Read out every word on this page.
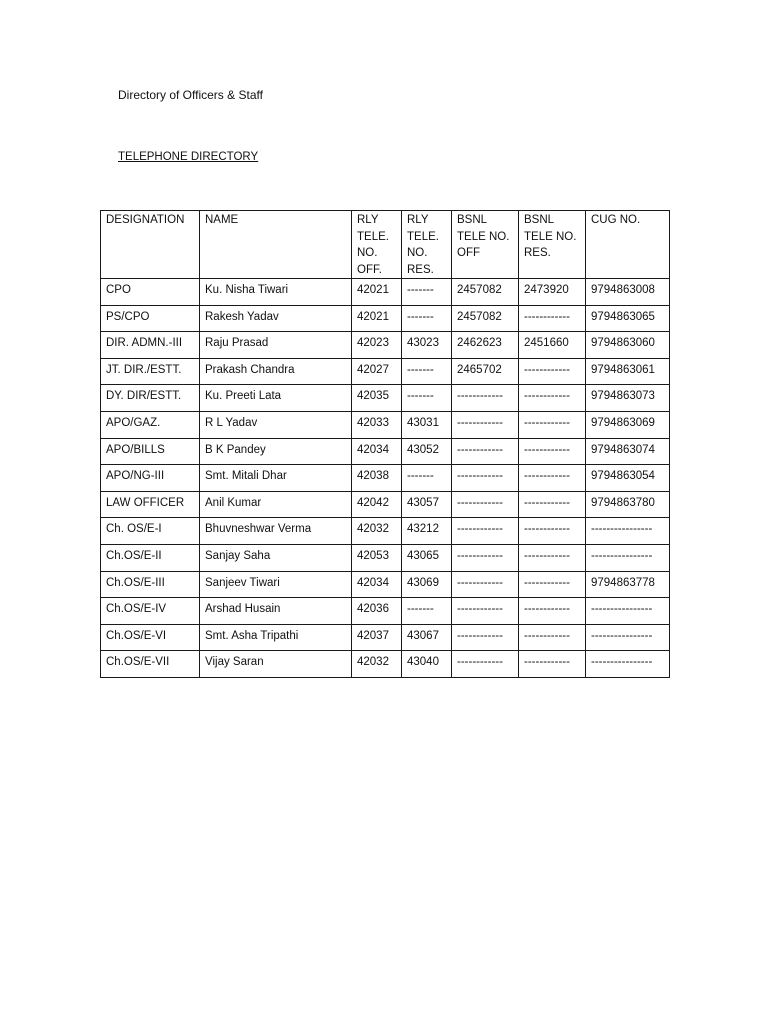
Directory of Officers & Staff
TELEPHONE DIRECTORY
DESIGNATION	NAME	RLY TELE. NO. OFF.	RLY TELE. NO. RES.	BSNL TELE NO. OFF	BSNL TELE NO. RES.	CUG NO.

CPO	Ku. Nisha Tiwari	42021	-------	2457082	2473920	9794863008
PS/CPO	Rakesh Yadav	42021	-------	2457082	------------	9794863065
DIR. ADMN.-III	Raju Prasad	42023	43023	2462623	2451660	9794863060
JT. DIR./ESTT.	Prakash Chandra	42027	-------	2465702	------------	9794863061
DY. DIR/ESTT.	Ku. Preeti Lata	42035	-------	------------	------------	9794863073
APO/GAZ.	R L Yadav	42033	43031	------------	------------	9794863069
APO/BILLS	B K Pandey	42034	43052	------------	------------	9794863074
APO/NG-III	Smt. Mitali Dhar	42038	-------	------------	------------	9794863054
LAW OFFICER	Anil Kumar	42042	43057	------------	------------	9794863780
Ch. OS/E-I	Bhuvneshwar Verma	42032	43212	------------	------------	----------------
Ch.OS/E-II	Sanjay Saha	42053	43065	------------	------------	----------------
Ch.OS/E-III	Sanjeev Tiwari	42034	43069	------------	------------	9794863778
Ch.OS/E-IV	Arshad Husain	42036	-------	------------	------------	----------------
Ch.OS/E-VI	Smt. Asha Tripathi	42037	43067	------------	------------	----------------
Ch.OS/E-VII	Vijay Saran	42032	43040	------------	------------	----------------
